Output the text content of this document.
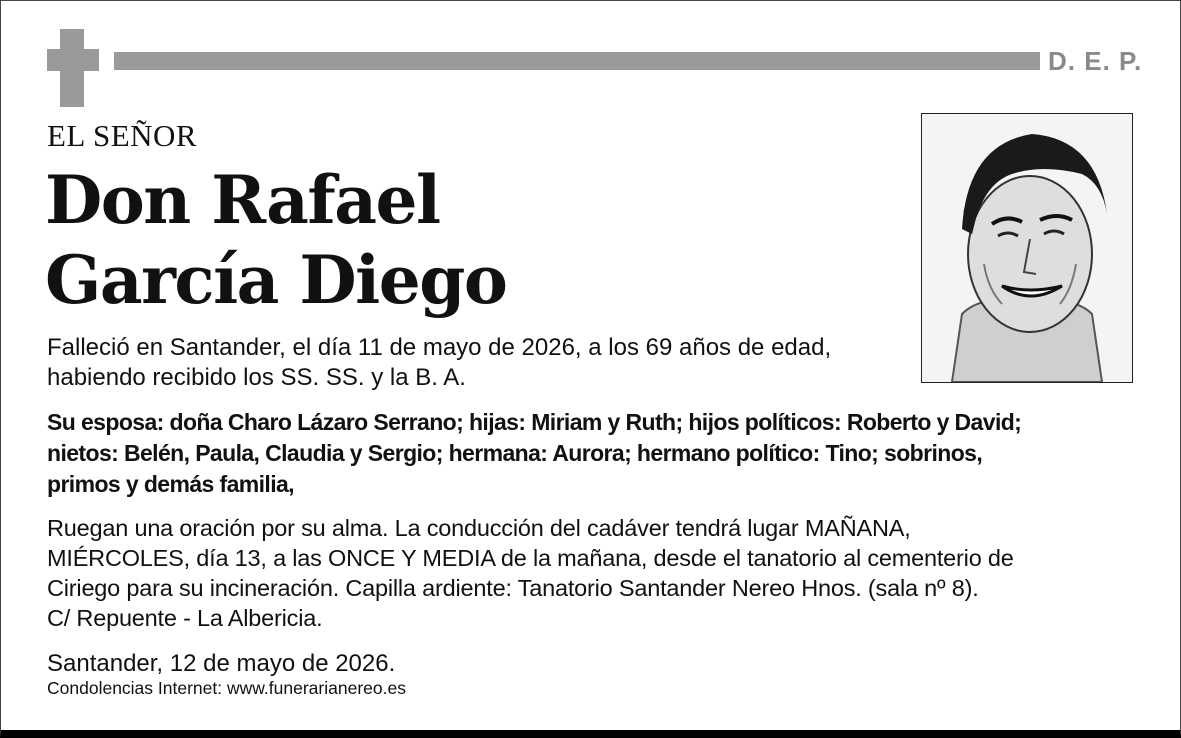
D. E. P.
EL SEÑOR
Don Rafael
García Diego
Falleció en Santander, el día 11 de mayo de 2026, a los 69 años de edad,
habiendo recibido los SS. SS. y la B. A.
Su esposa: doña Charo Lázaro Serrano; hijas: Miriam y Ruth; hijos políticos: Roberto y David;
nietos: Belén, Paula, Claudia y Sergio; hermana: Aurora; hermano político: Tino; sobrinos,
primos y demás familia,
Ruegan una oración por su alma. La conducción del cadáver tendrá lugar MAÑANA,
MIÉRCOLES, día 13, a las ONCE Y MEDIA de la mañana, desde el tanatorio al cementerio de
Ciriego para su incineración. Capilla ardiente: Tanatorio Santander Nereo Hnos. (sala nº 8).
C/ Repuente - La Albericia.
Santander, 12 de mayo de 2026.
Condolencias Internet: www.funerarianereo.es
